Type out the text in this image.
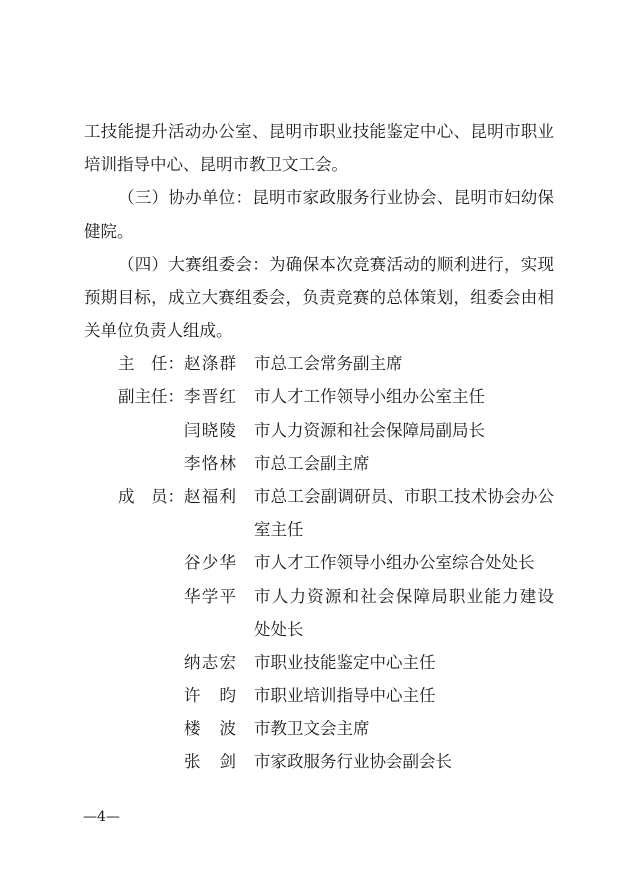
工技能提升活动办公室、昆明市职业技能鉴定中心、昆明市职业
培训指导中心、昆明市教卫文工会。
（三）协办单位：昆明市家政服务行业协会、昆明市妇幼保
健院。
（四）大赛组委会：为确保本次竞赛活动的顺利进行，实现
预期目标，成立大赛组委会，负责竞赛的总体策划，组委会由相
关单位负责人组成。
主　任： 赵涤群 市总工会常务副主席
副主任： 李晋红 市人才工作领导小组办公室主任
闫晓陵 市人力资源和社会保障局副局长
李恪林 市总工会副主席
成　员： 赵福利 市总工会副调研员、市职工技术协会办公
室主任
谷少华 市人才工作领导小组办公室综合处处长
华学平 市人力资源和社会保障局职业能力建设
处处长
纳志宏 市职业技能鉴定中心主任
许　昀 市职业培训指导中心主任
楼　波 市教卫文会主席
张　剑 市家政服务行业协会副会长
—4—
